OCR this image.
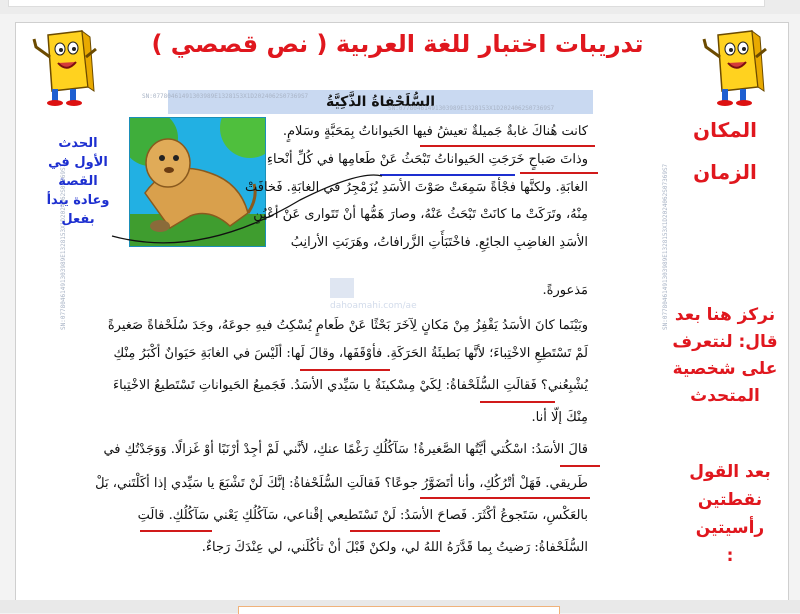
تدريبات اختبار للغة العربية ( نص قصصي )
السُّلَحْفاةُ الذَّكِيَّةُ
SN:07780461491303989E1328153X1D2024062S07369S7
SN:07780461491303989E1328153X1D2024062S07369S7
SN:07780461491303989E1328153X1D2024062S07369S7	SN:07780461491303989E1328153X1D2024062S07369S7
كانت هُناكَ غابةٌ جَميلةٌ تعيشُ فيها الحَيواناتُ بِمَحَبَّةٍ وسَلامٍ.
وذاتَ صَباحٍ خَرَجَتِ الحَيواناتُ تَبْحَثُ عَنْ طَعامِها في كُلِّ أنْحاءِ
الغابَةِ. ولكنَّها فجْأةً سَمِعَتْ صَوْتَ الأسَدِ يُزَمْجِرُ في الغابَةِ. فَخافَتْ
مِنْهُ، وتَرَكَتْ ما كانَتْ تَبْحَثُ عَنْهُ، وصارَ هَمُّها أنْ تَتَوارى عَنْ أعْيُنِ
الأسَدِ الغاضِبِ الجائِعِ. فاخْتَبَأَتِ الزَّرافاتُ، وهَرَبَتِ الأرانِبُ
مَذعورةً.
dahoamahi.com/ae
وبَيْنَما كانَ الأسَدُ يَقْفِزُ مِنْ مَكانٍ لِآخَرَ بَحْثًا عَنْ طَعامٍ يُسْكِتُ فيهِ جوعَهُ، وجَدَ سُلَحْفاةً صَغيرةً
لَمْ تَسْتَطِعِ الاخْتِباءَ؛ لأنَّها بَطيئَةُ الحَرَكَةِ. فأوْقَفَها، وقالَ لَها: ألَيْسَ في الغابَةِ حَيَوانٌ أكْبَرُ مِنْكِ
يُشْبِعُني؟ فَقالَتِ السُّلَحْفاةُ: لِكَيْ مِسْكينَةٌ يا سَيِّدي الأسَدُ. فَجَميعُ الحَيواناتِ تَسْتَطيعُ الاخْتِباءَ
مِنْكَ إلّا أنا.
قالَ الأسَدُ: اسْكُتي أيَّتُها الصَّغيرةُ! سَآكُلُكِ رَغْمًا عنكِ، لأنَّني لَمْ أجِدْ أرْنَبًا أوْ غَزالًا. وَوَجَدْتُكِ في
طَريقي. فَهَلْ أتْرُكُكِ، وأنا أتَضَوَّرُ جوعًا؟ فَقالَتِ السُّلَحْفاةُ: إنَّكَ لَنْ تَشْبَعَ يا سَيِّدي إذا أكَلْتَني، بَلْ
بالعَكْسِ، سَتَجوعُ أكْثَرَ. فَصاحَ الأسَدُ: لَنْ تَسْتَطيعي إقْناعي، سَآكُلُكِ يَعْني سَآكُلُكِ. قالَتِ
السُّلَحْفاةُ: رَضيتُ بِما قَدَّرَهُ اللهُ لي، ولكنْ قَبْلَ أنْ تأكُلَني، لي عِنْدَكَ رَجاءٌ.
المكان
الزمان
الحدث
الأول في
القصة
وعادة يبدأ
بفعل
نركز هنا بعد
قال: لنتعرف
على شخصية
المتحدث
بعد القول
نقطتين
رأسيتين
:
